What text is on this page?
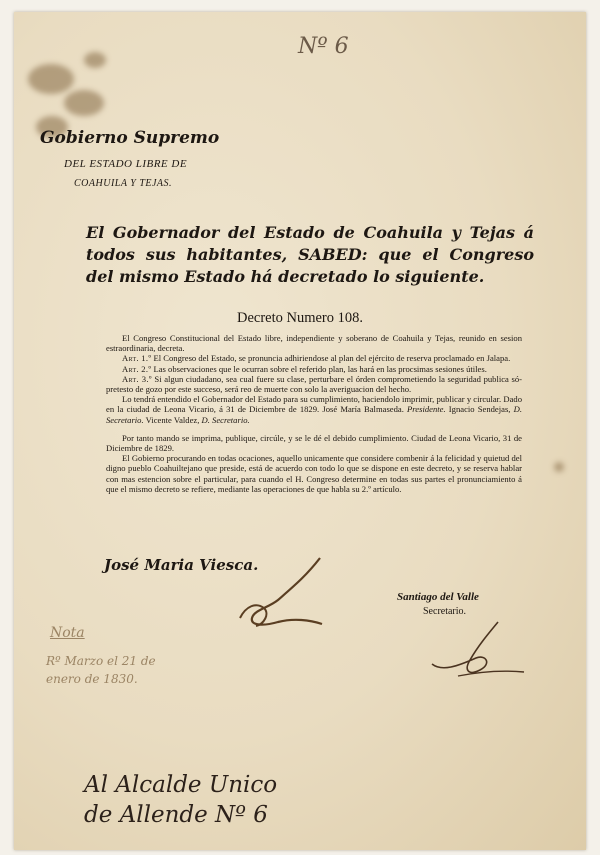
Nº 6
Gobierno Supremo
DEL ESTADO LIBRE DE
COAHUILA Y TEJAS.

El Gobernador del Estado de Coahuila y Tejas á todos sus habitantes, SABED: que el Congreso del mismo Estado há decretado lo siguiente.

Decreto Numero 108.

El Congreso Constitucional del Estado libre, independiente y soberano de Coahuila y Tejas, reunido en sesion estraordinaria, decreta.

Art. 1.º El Congreso del Estado, se pronuncia adhiriendose al plan del ejército de reserva proclamado en Jalapa.

Art. 2.º Las observaciones que le ocurran sobre el referido plan, las hará en las procsimas sesiones útiles.

Art. 3.º Si algun ciudadano, sea cual fuere su clase, perturbare el órden comprometiendo la seguridad publica só-pretesto de gozo por este succeso, será reo de muerte con solo la averiguacion del hecho.

Lo tendrá entendido el Gobernador del Estado para su cumplimiento, haciendolo imprimir, publicar y circular. Dado en la ciudad de Leona Vicario, á 31 de Diciembre de 1829. José María Balmaseda. Presidente. Ignacio Sendejas, D. Secretario. Vicente Valdez, D. Secretario.

Por tanto mando se imprima, publique, circúle, y se le dé el debido cumplimiento. Ciudad de Leona Vicario, 31 de Diciembre de 1829.

El Gobierno procurando en todas ocaciones, aquello unicamente que considere combenir á la felicidad y quietud del digno pueblo Coahuiltejano que preside, está de acuerdo con todo lo que se dispone en este decreto, y se reserva hablar con mas estencion sobre el particular, para cuando el H. Congreso determine en todas sus partes el pronunciamiento á que el mismo decreto se refiere, mediante las operaciones de que habla su 2.º artículo.

José Maria Viesca.
Santiago del Valle
Secretario.
Nota
Rº Marzo el 21 de
enero de 1830.
Al Alcalde Unico
de Allende Nº 6
